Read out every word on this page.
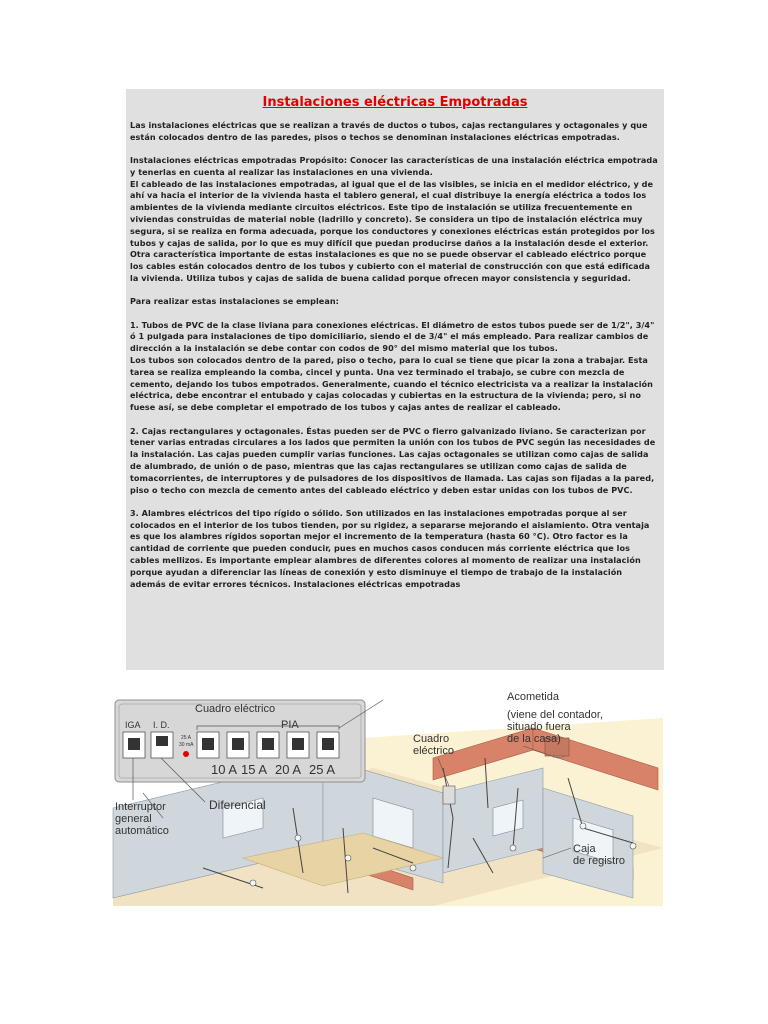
Instalaciones eléctricas Empotradas

Las instalaciones eléctricas que se realizan a través de ductos o tubos, cajas rectangulares y octagonales y que están colocados dentro de las paredes, pisos o techos se denominan instalaciones eléctricas empotradas.

Instalaciones eléctricas empotradas Propósito: Conocer las características de una instalación eléctrica empotrada y tenerlas en cuenta al realizar las instalaciones en una vivienda.

El cableado de las instalaciones empotradas, al igual que el de las visibles, se inicia en el medidor eléctrico, y de ahí va hacia el interior de la vivienda hasta el tablero general, el cual distribuye la energía eléctrica a todos los ambientes de la vivienda mediante circuitos eléctricos. Este tipo de instalación se utiliza frecuentemente en viviendas construidas de material noble (ladrillo y concreto). Se considera un tipo de instalación eléctrica muy segura, si se realiza en forma adecuada, porque los conductores y conexiones eléctricas están protegidos por los tubos y cajas de salida, por lo que es muy difícil que puedan producirse daños a la instalación desde el exterior. Otra característica importante de estas instalaciones es que no se puede observar el cableado eléctrico porque los cables están colocados dentro de los tubos y cubierto con el material de construcción con que está edificada la vivienda. Utiliza tubos y cajas de salida de buena calidad porque ofrecen mayor consistencia y seguridad.

Para realizar estas instalaciones se emplean:

1. Tubos de PVC de la clase liviana para conexiones eléctricas. El diámetro de estos tubos puede ser de 1/2", 3/4" ó 1 pulgada para instalaciones de tipo domiciliario, siendo el de 3/4" el más empleado. Para realizar cambios de dirección a la instalación se debe contar con codos de 90° del mismo material que los tubos.

Los tubos son colocados dentro de la pared, piso o techo, para lo cual se tiene que picar la zona a trabajar. Esta tarea se realiza empleando la comba, cincel y punta. Una vez terminado el trabajo, se cubre con mezcla de cemento, dejando los tubos empotrados. Generalmente, cuando el técnico electricista va a realizar la instalación eléctrica, debe encontrar el entubado y cajas colocadas y cubiertas en la estructura de la vivienda; pero, si no fuese así, se debe completar el empotrado de los tubos y cajas antes de realizar el cableado.

2. Cajas rectangulares y octagonales. Éstas pueden ser de PVC o fierro galvanizado liviano. Se caracterizan por tener varias entradas circulares a los lados que permiten la unión con los tubos de PVC según las necesidades de la instalación. Las cajas pueden cumplir varias funciones. Las cajas octagonales se utilizan como cajas de salida de alumbrado, de unión o de paso, mientras que las cajas rectangulares se utilizan como cajas de salida de tomacorrientes, de interruptores y de pulsadores de los dispositivos de llamada. Las cajas son fijadas a la pared, piso o techo con mezcla de cemento antes del cableado eléctrico y deben estar unidas con los tubos de PVC.

3. Alambres eléctricos del tipo rígido o sólido. Son utilizados en las instalaciones empotradas porque al ser colocados en el interior de los tubos tienden, por su rigidez, a separarse mejorando el aislamiento. Otra ventaja es que los alambres rígidos soportan mejor el incremento de la temperatura (hasta 60 °C). Otro factor es la cantidad de corriente que pueden conducir, pues en muchos casos conducen más corriente eléctrica que los cables mellizos. Es importante emplear alambres de diferentes colores al momento de realizar una instalación porque ayudan a diferenciar las líneas de conexión y esto disminuye el tiempo de trabajo de la instalación además de evitar errores técnicos. Instalaciones eléctricas empotradas

Cuadro eléctrico
IGA I. D.	PIA
25 A
30 mA
10 A 15 A 20 A 25 A
Interruptor
general
automático
Diferencial
Acometida
(viene del contador,
situado fuera
de la casa)
Cuadro
eléctrico
Caja
de registro
